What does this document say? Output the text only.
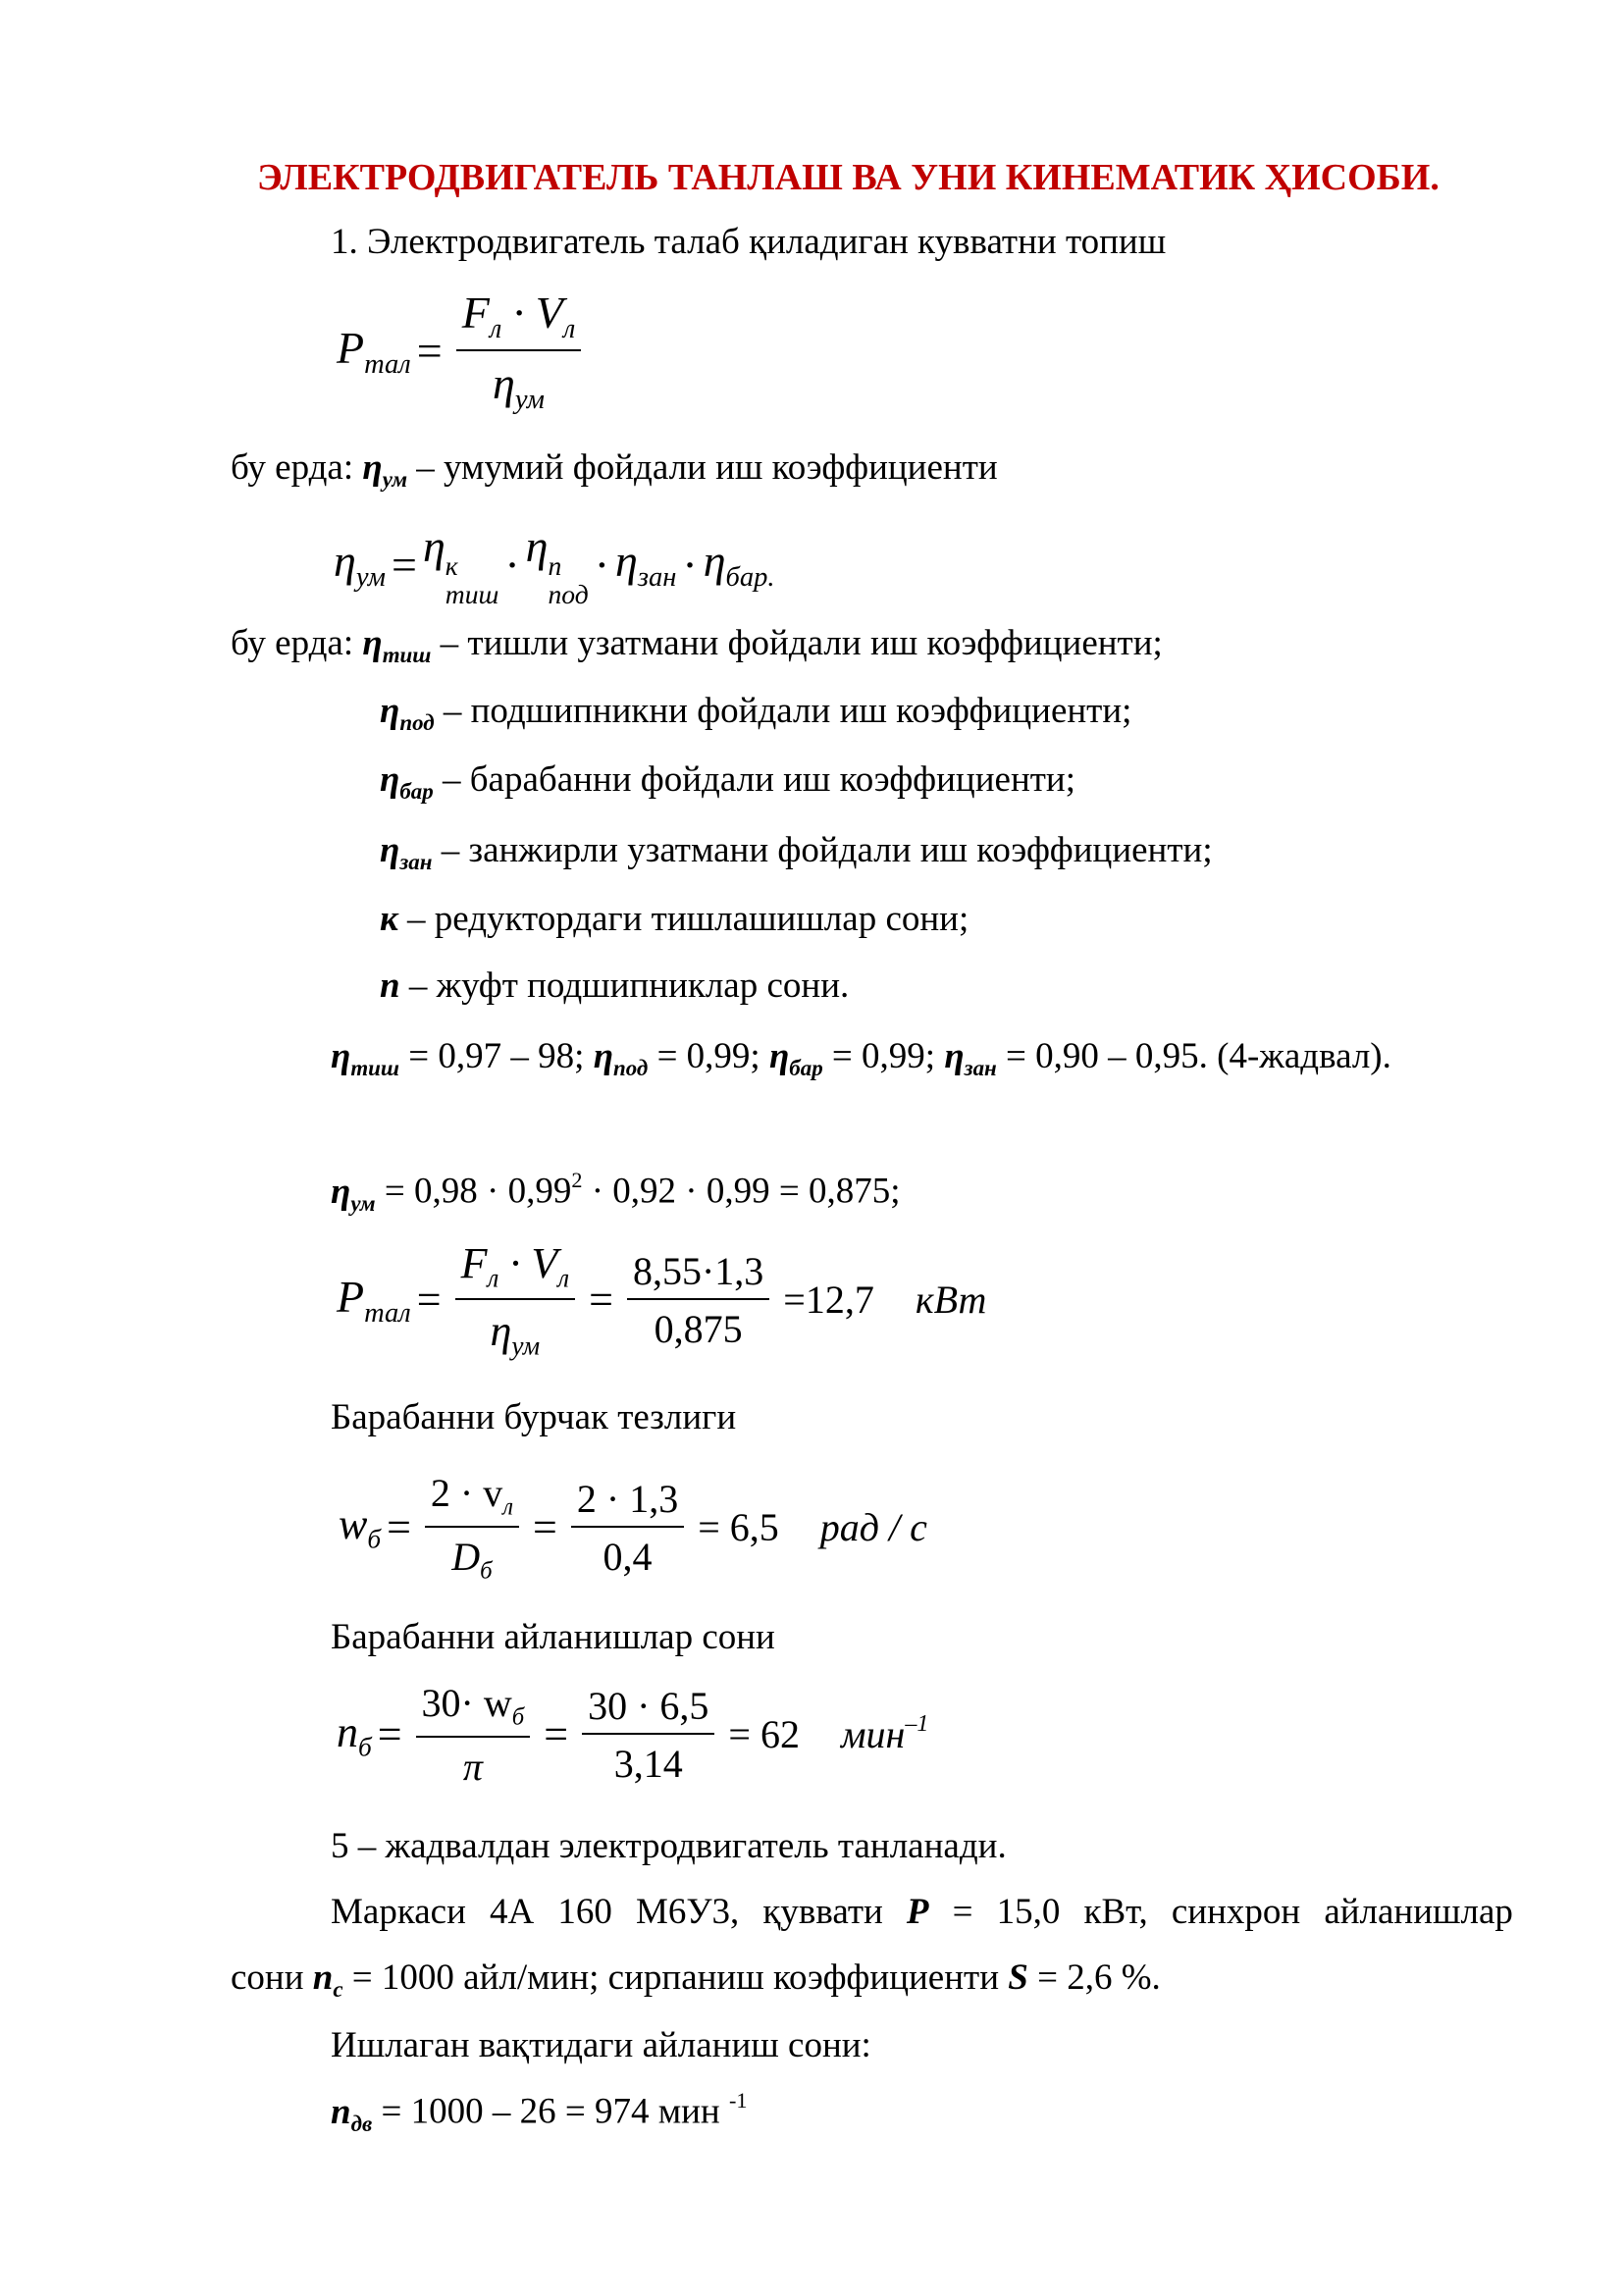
ЭЛЕКТРОДВИГАТЕЛЬ ТАНЛАШ ВА УНИ КИНЕМАТИК ҲИСОБИ.
1. Электродвигатель талаб қиладиган кувватни топиш
$P_{тал} = \frac{F_л \cdot V_л}{\eta_{ум}}$
бу ерда: $\eta_{ум}$ – умумий фойдали иш коэффициенти
$\eta_{ум} = \eta$ к
тиш
· η п
под
· $\eta_{зан} \cdot \eta_{бар.}$
бу ерда: $\eta_{тиш}$ – тишли узатмани фойдали иш коэффициенти;
$\eta_{под}$ – подшипникни фойдали иш коэффициенти;
$\eta_{бар}$ – барабанни фойдали иш коэффициенти;
$\eta_{зан}$ – занжирли узатмани фойдали иш коэффициенти;
к – редуктордаги тишлашишлар сони;
n – жуфт подшипниклар сони.
$\eta_{тиш} = 0,97 - 98$; $\eta_{под} = 0,99$; $\eta_{бар} = 0,99$; $\eta_{зан} = 0,90 - 0,95$. (4-жадвал).
$\eta_{ум} = 0,98 \cdot 0,99^2 \cdot 0,92 \cdot 0,99 = 0,875$;
$P_{тал} = \frac{F_л \cdot V_л}{\eta_{ум}} = \frac{8,55\cdot 1,3}{0,875} =12,7$ кВт
Барабанни бурчак тезлиги
$w_б = \frac{2 \cdot v_л}{D_б} = \frac{2 \cdot 1,3}{0,4} = 6,5$ рад / с
Барабанни айланишлар сони
$n_б = \frac{30\cdot w_б}{\pi} = \frac{30 \cdot 6,5}{3,14} = 62$ мин$^{-1}$
5 – жадвалдан электродвигатель танланади.
Маркаси 4А 160 М6У3, қуввати P = 15,0 кВт, синхрон айланишлар
сони $n_c = 1000$ айл/мин; сирпаниш коэффициенти S = 2,6 %.
Ишлаган вақтидаги айланиш сони:
$n_{дв} = 1000 - 26 = 974$ мин $^{-1}$
